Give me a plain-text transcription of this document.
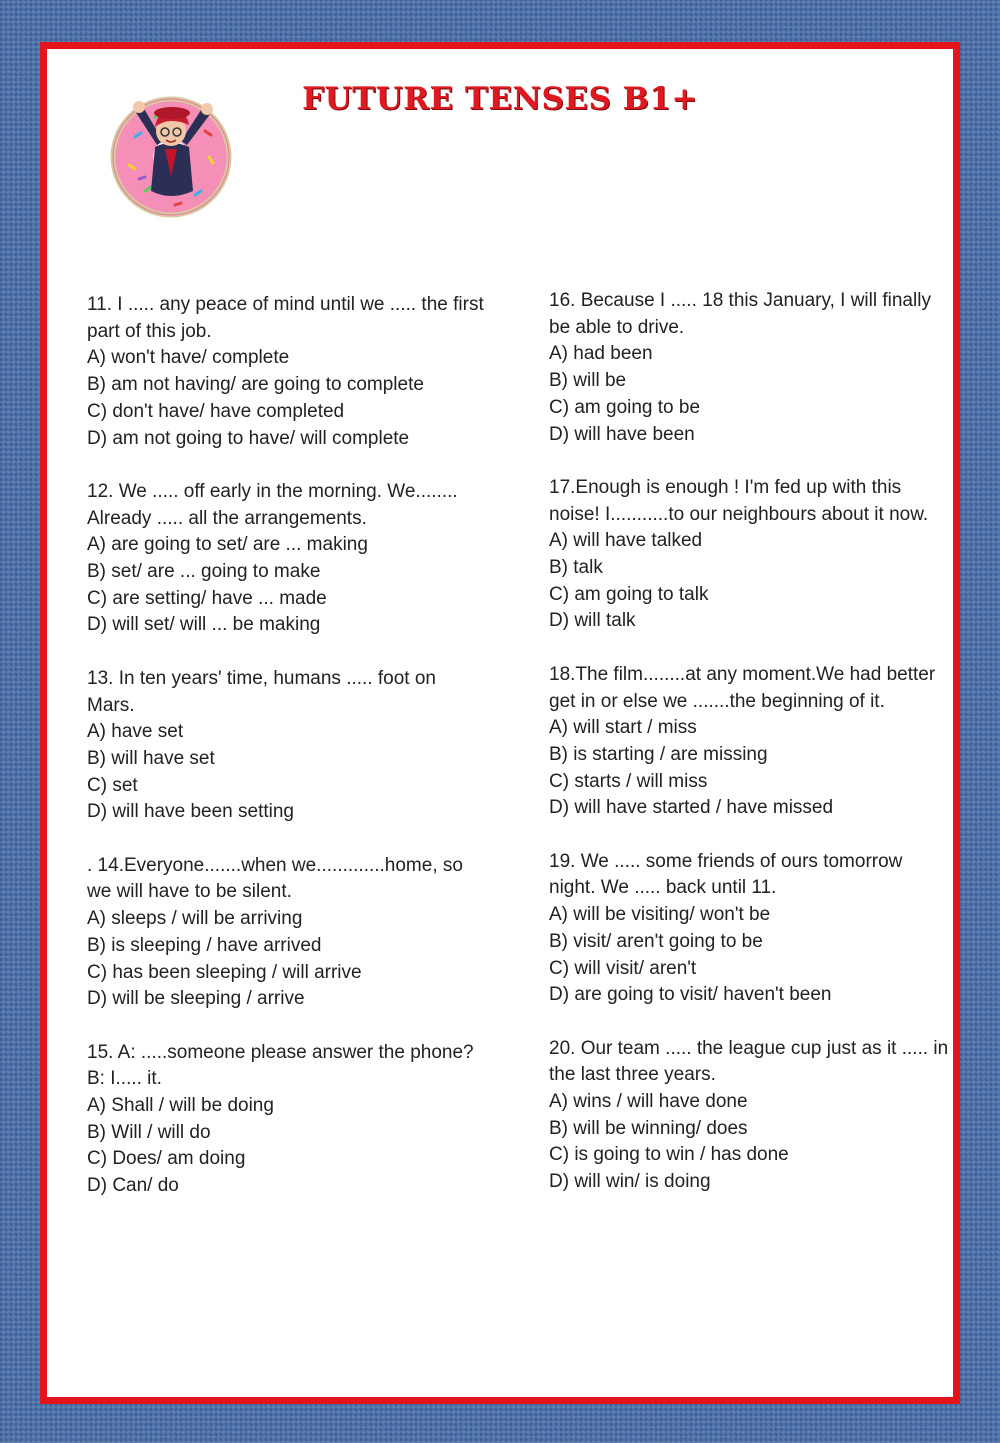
FUTURE TENSES B1+
11. I ..... any peace of mind until we ..... the first part of this job.
A) won't have/ complete
B) am not having/ are going to complete
C) don't have/ have completed
D) am not going to have/ will complete
12. We ..... off early in the morning. We........ Already ..... all the arrangements.
A) are going to set/ are ... making
B) set/ are ... going to make
C) are setting/ have ... made
D) will set/ will ... be making
13. In ten years' time, humans ..... foot on Mars.
A) have set
B) will have set
C) set
D) will have been setting
. 14.Everyone.......when we.............home, so we will have to be silent.
A) sleeps / will be arriving
B) is sleeping / have arrived
C) has been sleeping / will arrive
D) will be sleeping / arrive
15. A: .....someone please answer the phone? B: I..... it.
A) Shall / will be doing
B) Will / will do
C) Does/ am doing
D) Can/ do
16. Because I ..... 18 this January, I will finally be able to drive.
A) had been
B) will be
C) am going to be
D) will have been
17.Enough is enough ! I'm fed up with this noise! I...........to our neighbours about it now.
A) will have talked
B) talk
C) am going to talk
D) will talk
18.The film........at any moment.We had better get in or else we .......the beginning of it.
A) will start / miss
B) is starting / are missing
C) starts / will miss
D) will have started / have missed
19. We ..... some friends of ours tomorrow night. We ..... back until 11.
A) will be visiting/ won't be
B) visit/ aren't going to be
C) will visit/ aren't
D) are going to visit/ haven't been
20. Our team ..... the league cup just as it ..... in the last three years.
A) wins / will have done
B) will be winning/ does
C) is going to win / has done
D) will win/ is doing
